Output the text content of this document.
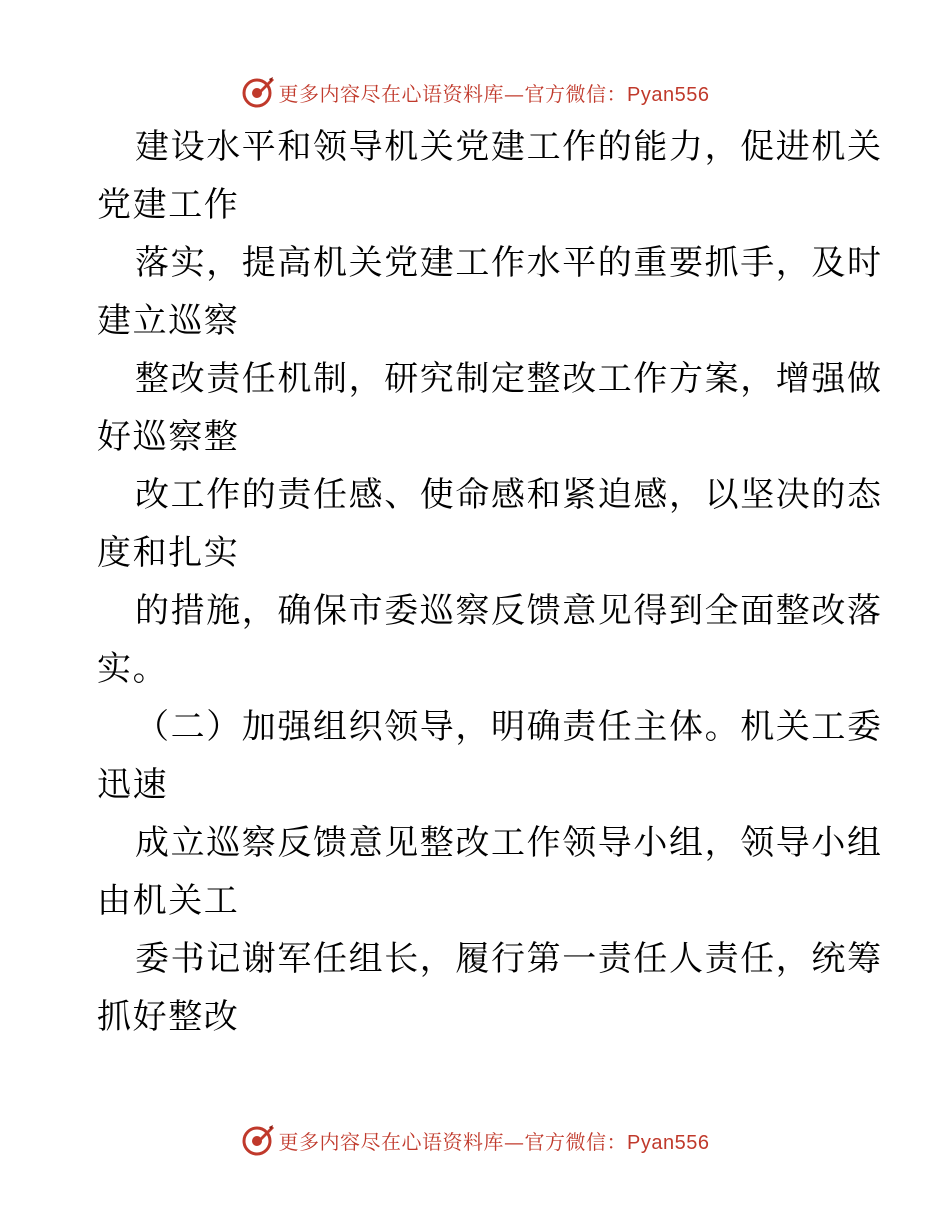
更多内容尽在心语资料库—官方微信：Pyan556
建设水平和领导机关党建工作的能力，促进机关
党建工作
落实，提高机关党建工作水平的重要抓手，及时
建立巡察
整改责任机制，研究制定整改工作方案，增强做
好巡察整
改工作的责任感、使命感和紧迫感，以坚决的态
度和扎实
的措施，确保市委巡察反馈意见得到全面整改落
实。
（二）加强组织领导，明确责任主体。机关工委
迅速
成立巡察反馈意见整改工作领导小组，领导小组
由机关工
委书记谢军任组长，履行第一责任人责任，统筹
抓好整改
更多内容尽在心语资料库—官方微信：Pyan556
